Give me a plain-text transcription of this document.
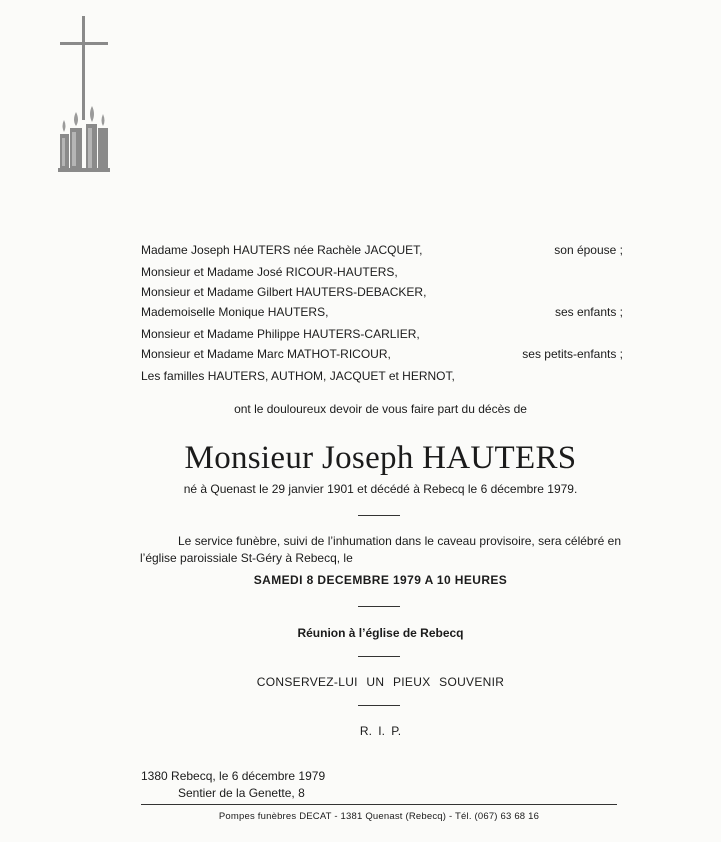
Madame Joseph HAUTERS née Rachèle JACQUET,	son épouse ;
Monsieur et Madame José RICOUR-HAUTERS,
Monsieur et Madame Gilbert HAUTERS-DEBACKER,
Mademoiselle Monique HAUTERS,	ses enfants ;
Monsieur et Madame Philippe HAUTERS-CARLIER,
Monsieur et Madame Marc MATHOT-RICOUR,	ses petits-enfants ;
Les familles HAUTERS, AUTHOM, JACQUET et HERNOT,
ont le douloureux devoir de vous faire part du décès de
Monsieur Joseph HAUTERS
né à Quenast le 29 janvier 1901 et décédé à Rebecq le 6 décembre 1979.
Le service funèbre, suivi de l’inhumation dans le caveau provisoire, sera célébré en l’église paroissiale St-Géry à Rebecq, le
SAMEDI 8 DECEMBRE 1979 A 10 HEURES
Réunion à l’église de Rebecq
CONSERVEZ-LUI UN PIEUX SOUVENIR
R. I. P.
1380 Rebecq, le 6 décembre 1979
Sentier de la Genette, 8
Pompes funèbres DECAT - 1381 Quenast (Rebecq) - Tél. (067) 63 68 16
